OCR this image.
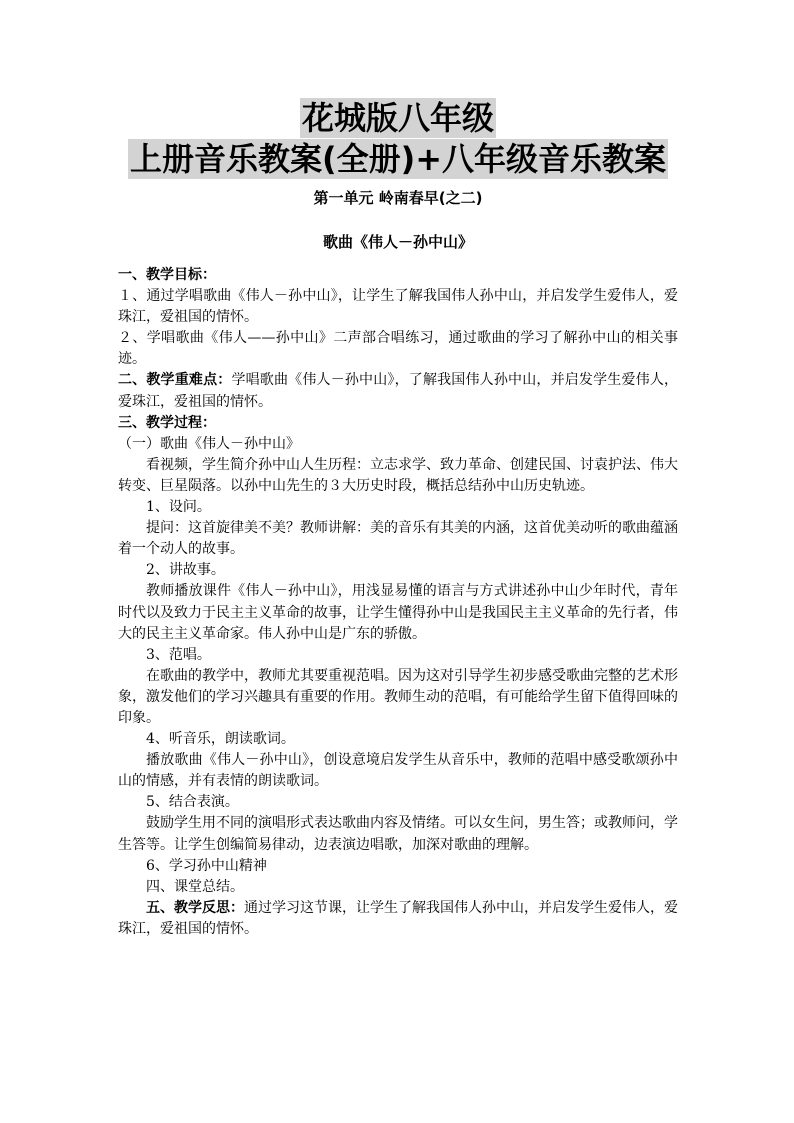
花城版八年级
上册音乐教案(全册)+八年级音乐教案
第一单元 岭南春早(之二)
歌曲《伟人－孙中山》

一、教学目标：

１、通过学唱歌曲《伟人－孙中山》，让学生了解我国伟人孙中山，并启发学生爱伟人，爱珠江，爱祖国的情怀。

２、学唱歌曲《伟人——孙中山》二声部合唱练习，通过歌曲的学习了解孙中山的相关事迹。

二、教学重难点：学唱歌曲《伟人－孙中山》，了解我国伟人孙中山，并启发学生爱伟人，爱珠江，爱祖国的情怀。

三、教学过程：

（一）歌曲《伟人－孙中山》

看视频，学生简介孙中山人生历程：立志求学、致力革命、创建民国、讨袁护法、伟大转变、巨星陨落。以孙中山先生的３大历史时段，概括总结孙中山历史轨迹。

1、设问。

提问：这首旋律美不美？教师讲解：美的音乐有其美的内涵，这首优美动听的歌曲蕴涵着一个动人的故事。

2、讲故事。

教师播放课件《伟人－孙中山》，用浅显易懂的语言与方式讲述孙中山少年时代，青年时代以及致力于民主主义革命的故事，让学生懂得孙中山是我国民主主义革命的先行者，伟大的民主主义革命家。伟人孙中山是广东的骄傲。

3、范唱。

在歌曲的教学中，教师尤其要重视范唱。因为这对引导学生初步感受歌曲完整的艺术形象，激发他们的学习兴趣具有重要的作用。教师生动的范唱，有可能给学生留下值得回味的印象。

4、听音乐，朗读歌词。

播放歌曲《伟人－孙中山》，创设意境启发学生从音乐中，教师的范唱中感受歌颂孙中山的情感，并有表情的朗读歌词。

5、结合表演。

鼓励学生用不同的演唱形式表达歌曲内容及情绪。可以女生问，男生答；或教师问，学生答等。让学生创编简易律动，边表演边唱歌，加深对歌曲的理解。

6、学习孙中山精神

四、课堂总结。

五、教学反思：通过学习这节课，让学生了解我国伟人孙中山，并启发学生爱伟人，爱珠江，爱祖国的情怀。
